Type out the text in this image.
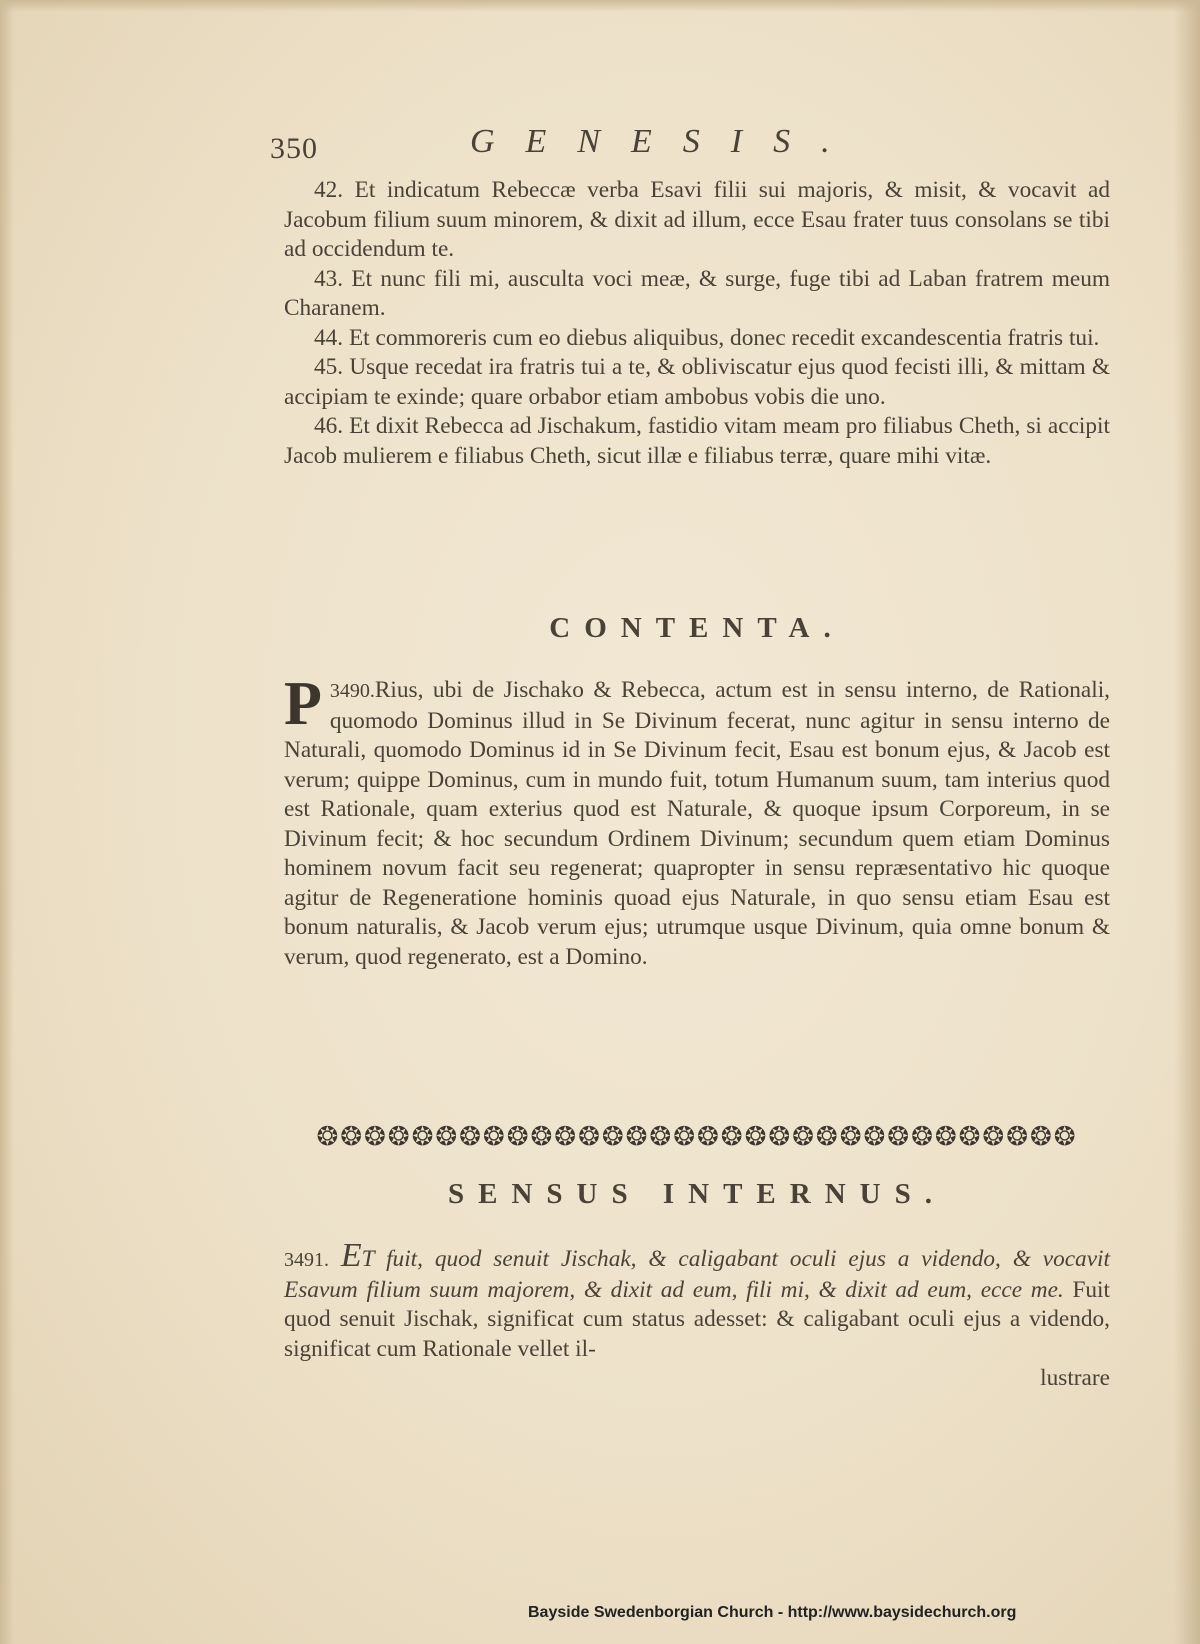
350	GENESIS.

42. Et indicatum Rebeccæ verba Esavi filii sui majoris, & misit, & vocavit ad Jacobum filium suum minorem, & dixit ad illum, ecce Esau frater tuus consolans se tibi ad occidendum te.

43. Et nunc fili mi, ausculta voci meæ, & surge, fuge tibi ad Laban fratrem meum Charanem.

44. Et commoreris cum eo diebus aliquibus, donec recedit excandescentia fratris tui.

45. Usque recedat ira fratris tui a te, & obliviscatur ejus quod fecisti illi, & mittam & accipiam te exinde; quare orbabor etiam ambobus vobis die uno.

46. Et dixit Rebecca ad Jischakum, fastidio vitam meam pro filiabus Cheth, si accipit Jacob mulierem e filiabus Cheth, sicut illæ e filiabus terræ, quare mihi vitæ.

CONTENTA.

3490.
P Rius, ubi de Jischako & Rebecca, actum est in sensu interno, de Rationali, quomodo Dominus illud in Se Divinum fecerat, nunc agitur in sensu interno de Naturali, quomodo Dominus id in Se Divinum fecit, Esau est bonum ejus, & Jacob est verum; quippe Dominus, cum in mundo fuit, totum Humanum suum, tam interius quod est Rationale, quam exterius quod est Naturale, & quoque ipsum Corporeum, in se Divinum fecit; & hoc secundum Ordinem Divinum; secundum quem etiam Dominus hominem novum facit seu regenerat; quapropter in sensu repræsentativo hic quoque agitur de Regeneratione hominis quoad ejus Naturale, in quo sensu etiam Esau est bonum naturalis, & Jacob verum ejus; utrumque usque Divinum, quia omne bonum & verum, quod regenerato, est a Domino.

❂❂❂❂❂❂❂❂❂❂❂❂❂❂❂❂❂❂❂❂❂❂❂❂❂❂❂❂❂❂❂❂
SENSUS INTERNUS.

3491. ET fuit, quod senuit Jischak, & caligabant oculi ejus a videndo, & vocavit Esavum filium suum majorem, & dixit ad eum, fili mi, & dixit ad eum, ecce me. Fuit quod senuit Jischak, significat cum status adesset: & caligabant oculi ejus a videndo, significat cum Rationale vellet il-

lustrare
Bayside Swedenborgian Church - http://www.baysidechurch.org
